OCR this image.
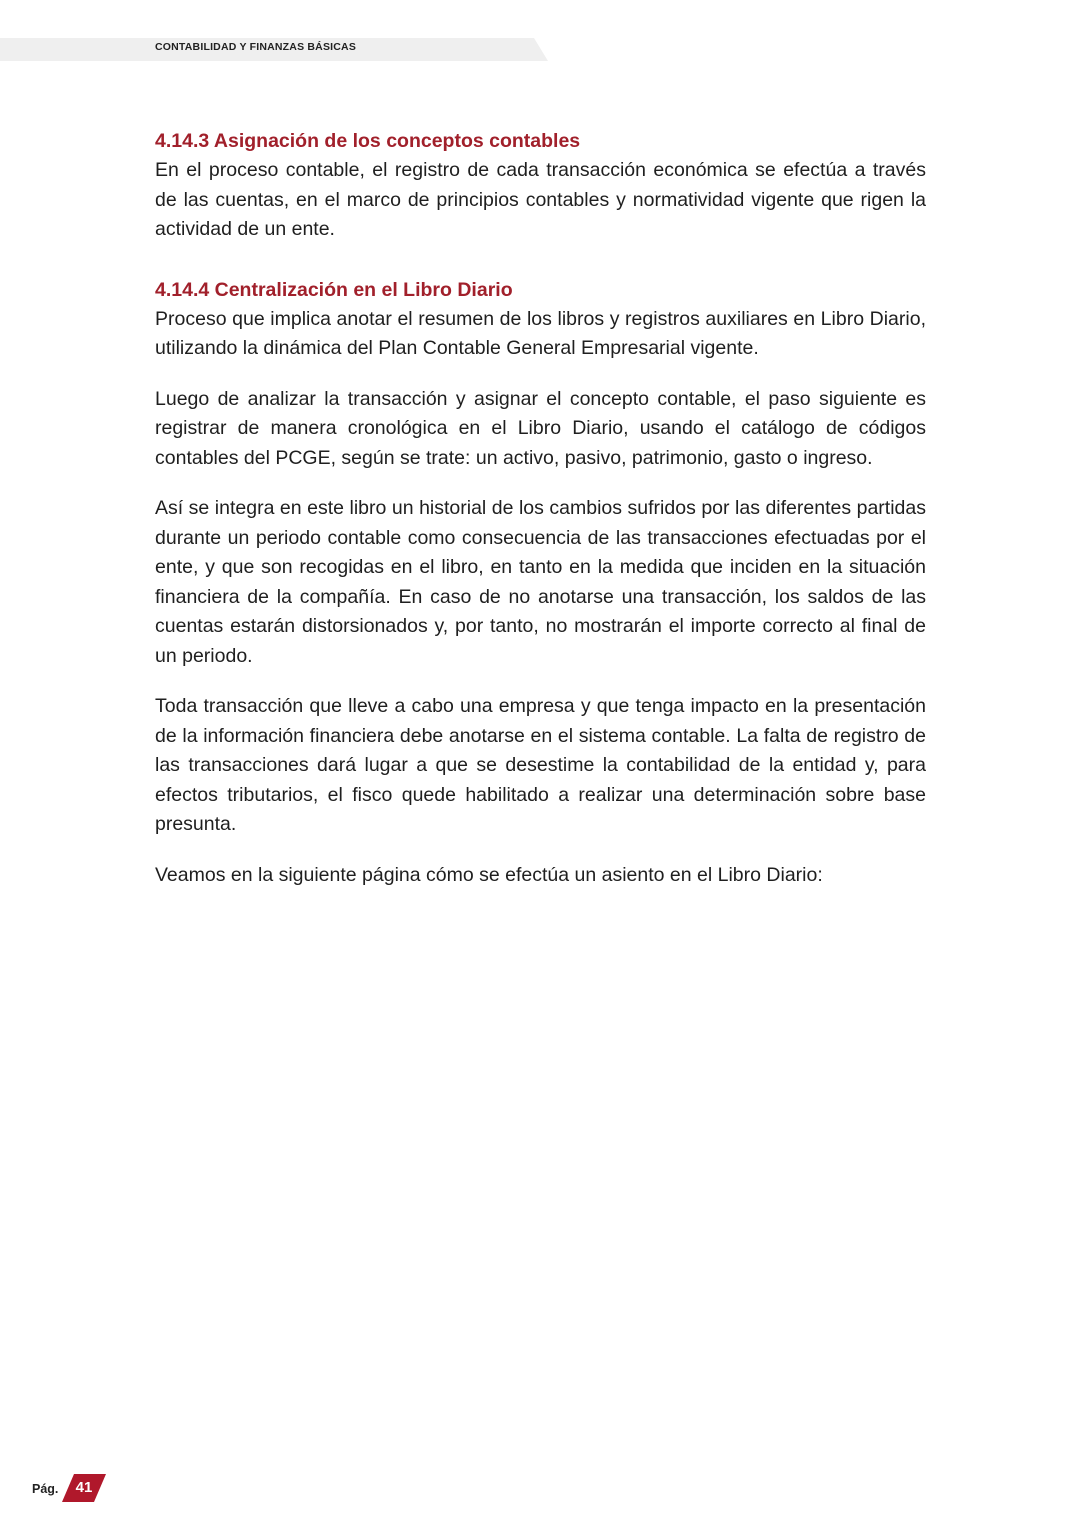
CONTABILIDAD Y FINANZAS BÁSICAS
4.14.3 Asignación de los conceptos contables

En el proceso contable, el registro de cada transacción económica se efectúa a través de las cuentas, en el marco de principios contables y normatividad vigente que rigen la actividad de un ente.

4.14.4 Centralización en el Libro Diario

Proceso que implica anotar el resumen de los libros y registros auxiliares en Libro Diario, utilizando la dinámica del Plan Contable General Empresarial vigente.

Luego de analizar la transacción y asignar el concepto contable, el paso siguiente es registrar de manera cronológica en el Libro Diario, usando el catálogo de códigos contables del PCGE, según se trate: un activo, pasivo, patrimonio, gasto o ingreso.

Así se integra en este libro un historial de los cambios sufridos por las diferentes partidas durante un periodo contable como consecuencia de las transacciones efectuadas por el ente, y que son recogidas en el libro, en tanto en la medida que inciden en la situación financiera de la compañía. En caso de no anotarse una transacción, los saldos de las cuentas estarán distorsionados y, por tanto, no mostrarán el importe correcto al final de un periodo.

Toda transacción que lleve a cabo una empresa y que tenga impacto en la presentación de la información financiera debe anotarse en el sistema contable. La falta de registro de las transacciones dará lugar a que se desestime la contabilidad de la entidad y, para efectos tributarios, el fisco quede habilitado a realizar una determinación sobre base presunta.

Veamos en la siguiente página cómo se efectúa un asiento en el Libro Diario:

Pág.	41
